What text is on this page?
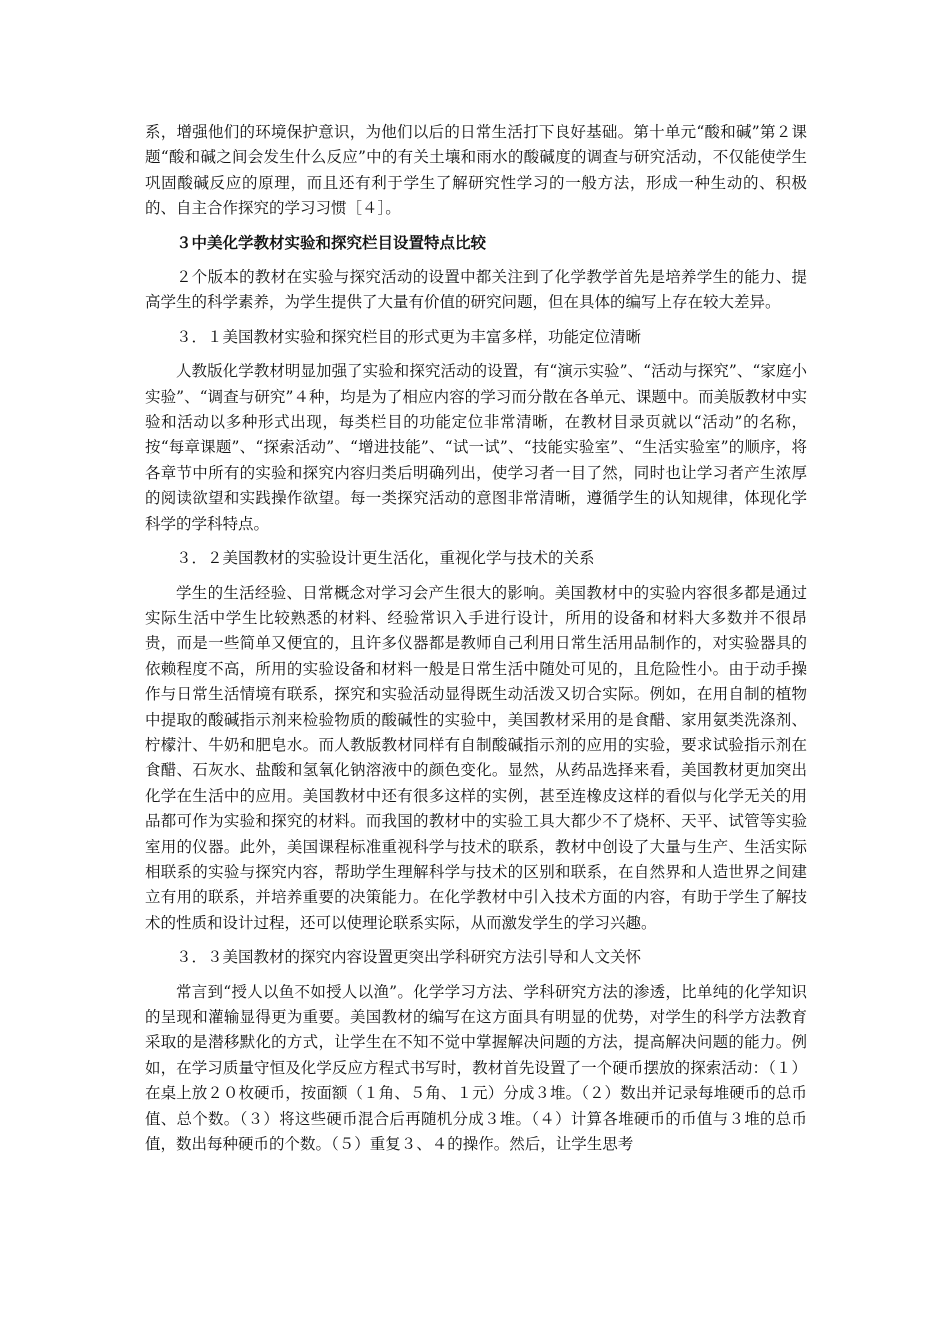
系，增强他们的环境保护意识，为他们以后的日常生活打下良好基础。第十单元“酸和碱”第２课题“酸和碱之间会发生什么反应”中的有关土壤和雨水的酸碱度的调查与研究活动，不仅能使学生巩固酸碱反应的原理，而且还有利于学生了解研究性学习的一般方法，形成一种生动的、积极的、自主合作探究的学习习惯［４］。

３中美化学教材实验和探究栏目设置特点比较

２个版本的教材在实验与探究活动的设置中都关注到了化学教学首先是培养学生的能力、提高学生的科学素养，为学生提供了大量有价值的研究问题，但在具体的编写上存在较大差异。

３．１美国教材实验和探究栏目的形式更为丰富多样，功能定位清晰

人教版化学教材明显加强了实验和探究活动的设置，有“演示实验”、“活动与探究”、“家庭小实验”、“调查与研究”４种，均是为了相应内容的学习而分散在各单元、课题中。而美版教材中实验和活动以多种形式出现，每类栏目的功能定位非常清晰，在教材目录页就以“活动”的名称，按“每章课题”、“探索活动”、“增进技能”、“试一试”、“技能实验室”、“生活实验室”的顺序，将各章节中所有的实验和探究内容归类后明确列出，使学习者一目了然，同时也让学习者产生浓厚的阅读欲望和实践操作欲望。每一类探究活动的意图非常清晰，遵循学生的认知规律，体现化学科学的学科特点。

３．２美国教材的实验设计更生活化，重视化学与技术的关系

学生的生活经验、日常概念对学习会产生很大的影响。美国教材中的实验内容很多都是通过实际生活中学生比较熟悉的材料、经验常识入手进行设计，所用的设备和材料大多数并不很昂贵，而是一些简单又便宜的，且许多仪器都是教师自己利用日常生活用品制作的，对实验器具的依赖程度不高，所用的实验设备和材料一般是日常生活中随处可见的，且危险性小。由于动手操作与日常生活情境有联系，探究和实验活动显得既生动活泼又切合实际。例如，在用自制的植物中提取的酸碱指示剂来检验物质的酸碱性的实验中，美国教材采用的是食醋、家用氨类洗涤剂、柠檬汁、牛奶和肥皂水。而人教版教材同样有自制酸碱指示剂的应用的实验，要求试验指示剂在食醋、石灰水、盐酸和氢氧化钠溶液中的颜色变化。显然，从药品选择来看，美国教材更加突出化学在生活中的应用。美国教材中还有很多这样的实例，甚至连橡皮这样的看似与化学无关的用品都可作为实验和探究的材料。而我国的教材中的实验工具大都少不了烧杯、天平、试管等实验室用的仪器。此外，美国课程标准重视科学与技术的联系，教材中创设了大量与生产、生活实际相联系的实验与探究内容，帮助学生理解科学与技术的区别和联系，在自然界和人造世界之间建立有用的联系，并培养重要的决策能力。在化学教材中引入技术方面的内容，有助于学生了解技术的性质和设计过程，还可以使理论联系实际，从而激发学生的学习兴趣。

３．３美国教材的探究内容设置更突出学科研究方法引导和人文关怀

常言到“授人以鱼不如授人以渔”。化学学习方法、学科研究方法的渗透，比单纯的化学知识的呈现和灌输显得更为重要。美国教材的编写在这方面具有明显的优势，对学生的科学方法教育采取的是潜移默化的方式，让学生在不知不觉中掌握解决问题的方法，提高解决问题的能力。例如，在学习质量守恒及化学反应方程式书写时，教材首先设置了一个硬币摆放的探索活动：（１）在桌上放２０枚硬币，按面额（１角、５角、１元）分成３堆。（２）数出并记录每堆硬币的总币值、总个数。（３）将这些硬币混合后再随机分成３堆。（４）计算各堆硬币的币值与３堆的总币值，数出每种硬币的个数。（５）重复３、４的操作。然后，让学生思考
